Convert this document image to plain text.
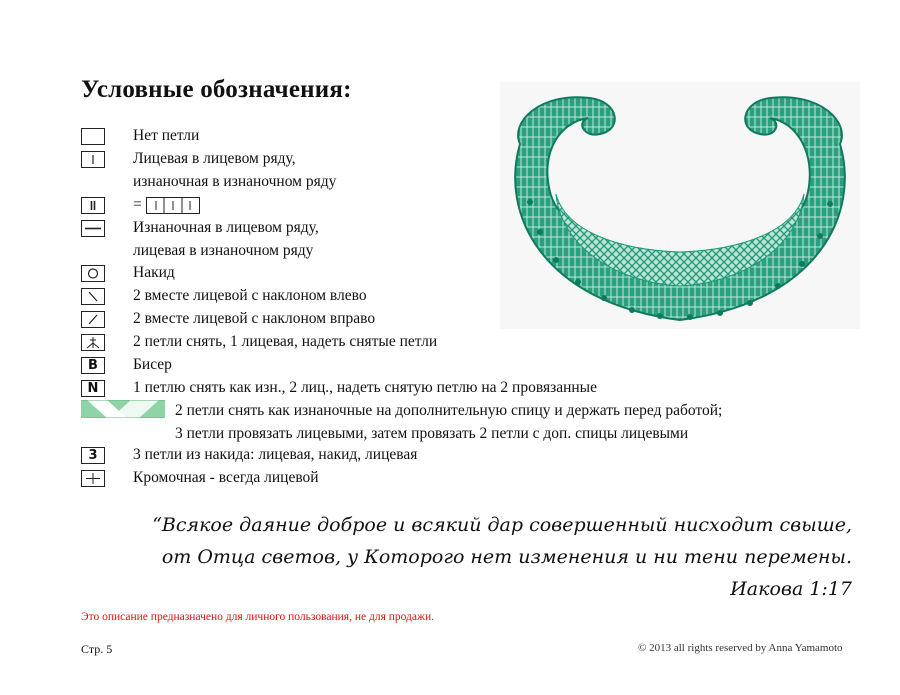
Условные обозначения:
Нет петли
Лицевая в лицевом ряду,
изнаночная в изнаночном ряду
=
Изнаночная в лицевом ряду,
лицевая в изнаночном ряду
Накид
2 вместе лицевой с наклоном влево
2 вместе лицевой с наклоном вправо
2 петли снять, 1 лицевая, надеть снятые петли
B	Бисер
N	1 петлю снять как изн., 2 лиц., надеть снятую петлю на 2 провязанные
2 петли снять как изнаночные на дополнительную спицу и держать перед работой;
3 петли провязать лицевыми, затем провязать 2 петли с доп. спицы лицевыми
3	3 петли из накида: лицевая, накид, лицевая
Кромочная - всегда лицевой
“Всякое даяние доброе и всякий дар совершенный нисходит свыше,
от Отца светов, у Которого нет изменения и ни тени перемены.
Иакова 1:17
Это описание предназначено для личного пользования, не для продажи.
Стр. 5	© 2013 all rights reserved by Anna Yamamoto
